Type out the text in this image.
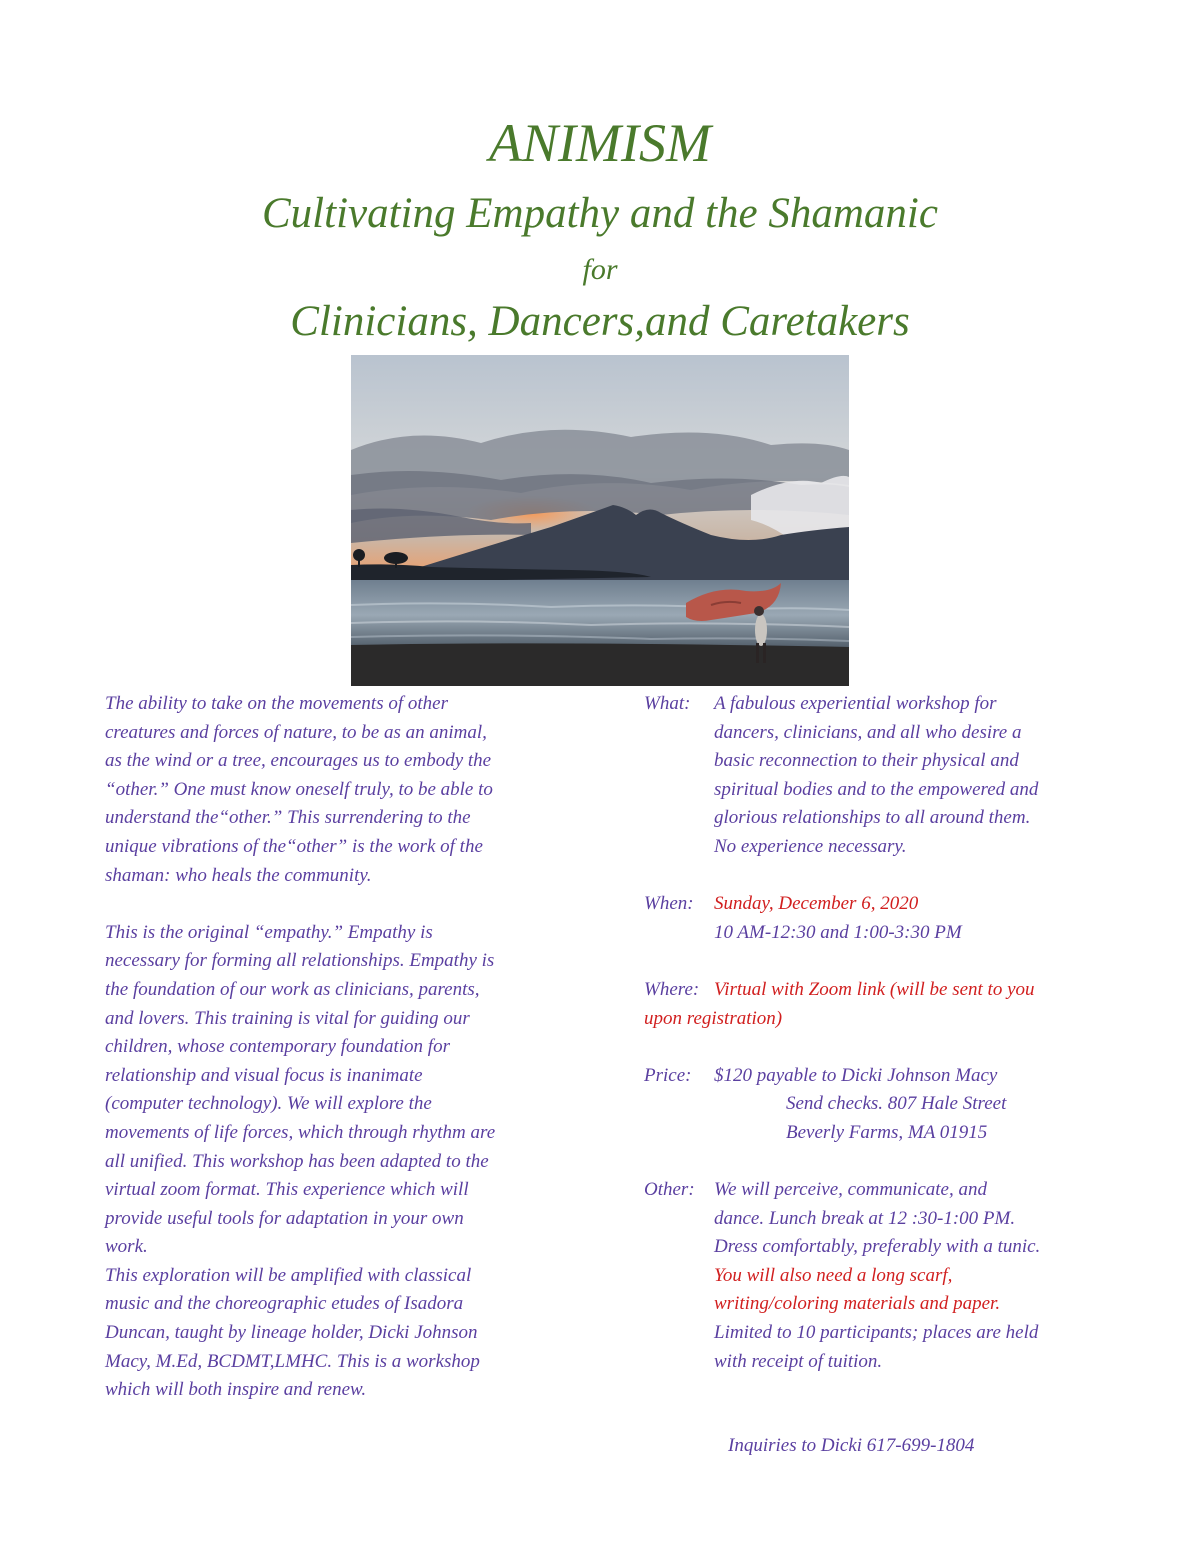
ANIMISM
Cultivating Empathy and the Shamanic
for
Clinicians, Dancers,and Caretakers

The ability to take on the movements of other

creatures and forces of nature, to be as an animal,

as the wind or a tree, encourages us to embody the

“other.” One must know oneself truly, to be able to

understand the“other.” This surrendering to the

unique vibrations of the“other” is the work of the

shaman: who heals the community.

This is the original “empathy.” Empathy is

necessary for forming all relationships. Empathy is

the foundation of our work as clinicians, parents,

and lovers. This training is vital for guiding our

children, whose contemporary foundation for

relationship and visual focus is inanimate

(computer technology). We will explore the

movements of life forces, which through rhythm are

all unified. This workshop has been adapted to the

virtual zoom format. This experience which will

provide useful tools for adaptation in your own

work.

This exploration will be amplified with classical

music and the choreographic etudes of Isadora

Duncan, taught by lineage holder, Dicki Johnson

Macy, M.Ed, BCDMT,LMHC. This is a workshop

which will both inspire and renew.

What:	A fabulous experiential workshop for
dancers, clinicians, and all who desire a
basic reconnection to their physical and
spiritual bodies and to the empowered and
glorious relationships to all around them.
No experience necessary.
When:	Sunday, December 6, 2020
10 AM-12:30 and 1:00-3:30 PM
Where: Virtual with Zoom link (will be sent to you
upon registration)
Price:	$120 payable to Dicki Johnson Macy
Send checks. 807 Hale Street
Beverly Farms, MA 01915
Other:	We will perceive, communicate, and
dance. Lunch break at 12 :30-1:00 PM.
Dress comfortably, preferably with a tunic.
You will also need a long scarf,
writing/coloring materials and paper.
Limited to 10 participants; places are held
with receipt of tuition.
Inquiries to Dicki 617-699-1804
